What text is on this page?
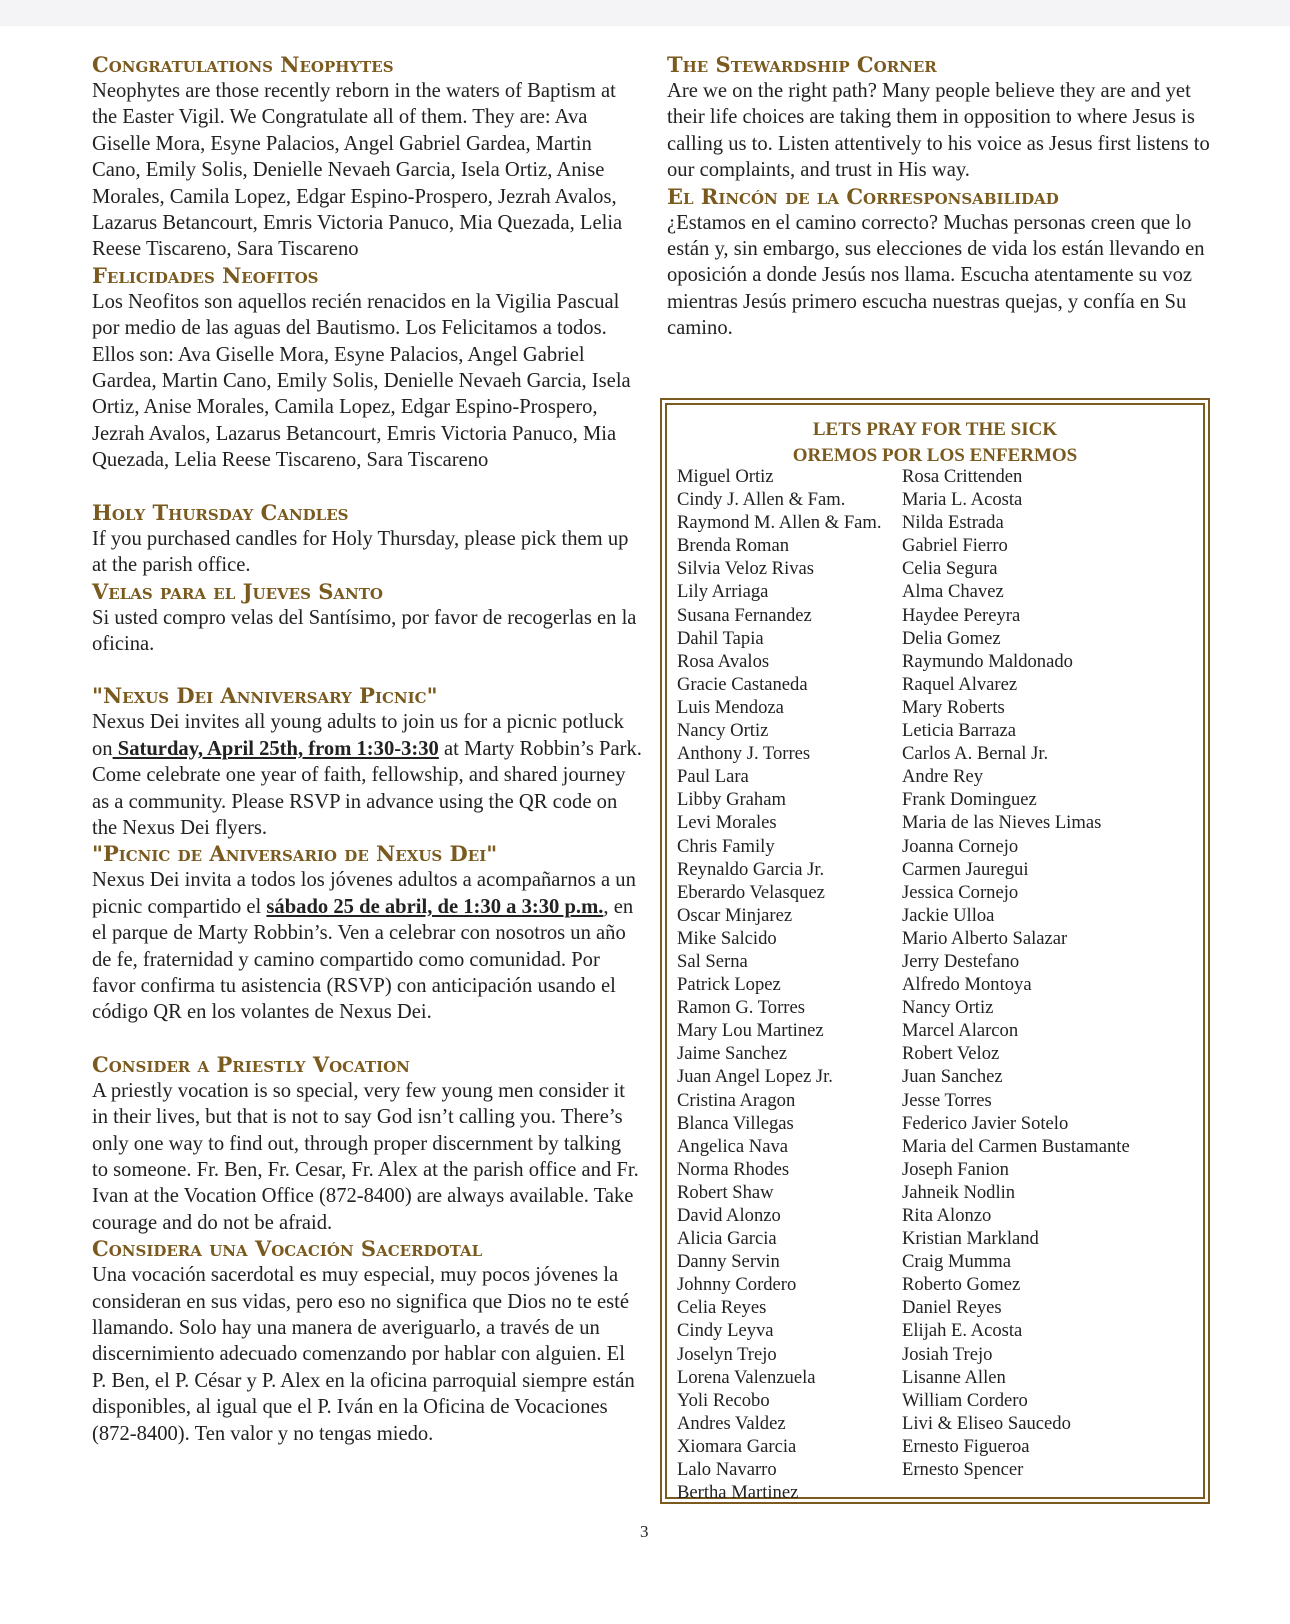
Congratulations Neophytes

Neophytes are those recently reborn in the waters of Baptism at the Easter Vigil. We Congratulate all of them. They are: Ava Giselle Mora, Esyne Palacios, Angel Gabriel Gardea, Martin Cano, Emily Solis, Denielle Nevaeh Garcia, Isela Ortiz, Anise Morales, Camila Lopez, Edgar Espino-Prospero, Jezrah Avalos, Lazarus Betancourt, Emris Victoria Panuco, Mia Quezada, Lelia Reese Tiscareno, Sara Tiscareno

Felicidades Neofitos

Los Neofitos son aquellos recién renacidos en la Vigilia Pascual por medio de las aguas del Bautismo. Los Felicitamos a todos. Ellos son: Ava Giselle Mora, Esyne Palacios, Angel Gabriel Gardea, Martin Cano, Emily Solis, Denielle Nevaeh Garcia, Isela Ortiz, Anise Morales, Camila Lopez, Edgar Espino-Prospero, Jezrah Avalos, Lazarus Betancourt, Emris Victoria Panuco, Mia Quezada, Lelia Reese Tiscareno, Sara Tiscareno

Holy Thursday Candles

If you purchased candles for Holy Thursday, please pick them up at the parish office.

Velas para el Jueves Santo

Si usted compro velas del Santísimo, por favor de recogerlas en la oficina.

"Nexus Dei Anniversary Picnic"

Nexus Dei invites all young adults to join us for a picnic potluck on Saturday, April 25th, from 1:30-3:30 at Marty Robbin’s Park. Come celebrate one year of faith, fellowship, and shared journey as a community. Please RSVP in advance using the QR code on the Nexus Dei flyers.

"Picnic de Aniversario de Nexus Dei"

Nexus Dei invita a todos los jóvenes adultos a acompañarnos a un picnic compartido el sábado 25 de abril, de 1:30 a 3:30 p.m., en el parque de Marty Robbin’s. Ven a celebrar con nosotros un año de fe, fraternidad y camino compartido como comunidad. Por favor confirma tu asistencia (RSVP) con anticipación usando el código QR en los volantes de Nexus Dei.

Consider a Priestly Vocation

A priestly vocation is so special, very few young men consider it in their lives, but that is not to say God isn’t calling you. There’s only one way to find out, through proper discernment by talking to someone. Fr. Ben, Fr. Cesar, Fr. Alex at the parish office and Fr. Ivan at the Vocation Office (872-8400) are always available. Take courage and do not be afraid.

Considera una Vocación Sacerdotal

Una vocación sacerdotal es muy especial, muy pocos jóvenes la consideran en sus vidas, pero eso no significa que Dios no te esté llamando. Solo hay una manera de averiguarlo, a través de un discernimiento adecuado comenzando por hablar con alguien. El P. Ben, el P. César y P. Alex en la oficina parroquial siempre están disponibles, al igual que el P. Iván en la Oficina de Vocaciones (872-8400). Ten valor y no tengas miedo.

The Stewardship Corner

Are we on the right path? Many people believe they are and yet their life choices are taking them in opposition to where Jesus is calling us to. Listen attentively to his voice as Jesus first listens to our complaints, and trust in His way.

El Rincón de la Corresponsabilidad

¿Estamos en el camino correcto? Muchas personas creen que lo están y, sin embargo, sus elecciones de vida los están llevando en oposición a donde Jesús nos llama. Escucha atentamente su voz mientras Jesús primero escucha nuestras quejas, y confía en Su camino.

LETS PRAY FOR THE SICK
OREMOS POR LOS ENFERMOS
Miguel Ortiz
Cindy J. Allen & Fam.
Raymond M. Allen & Fam.
Brenda Roman
Silvia Veloz Rivas
Lily Arriaga
Susana Fernandez
Dahil Tapia
Rosa Avalos
Gracie Castaneda
Luis Mendoza
Nancy Ortiz
Anthony J. Torres
Paul Lara
Libby Graham
Levi Morales
Chris Family
Reynaldo Garcia Jr.
Eberardo Velasquez
Oscar Minjarez
Mike Salcido
Sal Serna
Patrick Lopez
Ramon G. Torres
Mary Lou Martinez
Jaime Sanchez
Juan Angel Lopez Jr.
Cristina Aragon
Blanca Villegas
Angelica Nava
Norma Rhodes
Robert Shaw
David Alonzo
Alicia Garcia
Danny Servin
Johnny Cordero
Celia Reyes
Cindy Leyva
Joselyn Trejo
Lorena Valenzuela
Yoli Recobo
Andres Valdez
Xiomara Garcia
Lalo Navarro
Bertha Martinez
Rosa Crittenden
Maria L. Acosta
Nilda Estrada
Gabriel Fierro
Celia Segura
Alma Chavez
Haydee Pereyra
Delia Gomez
Raymundo Maldonado
Raquel Alvarez
Mary Roberts
Leticia Barraza
Carlos A. Bernal Jr.
Andre Rey
Frank Dominguez
Maria de las Nieves Limas
Joanna Cornejo
Carmen Jauregui
Jessica Cornejo
Jackie Ulloa
Mario Alberto Salazar
Jerry Destefano
Alfredo Montoya
Nancy Ortiz
Marcel Alarcon
Robert Veloz
Juan Sanchez
Jesse Torres
Federico Javier Sotelo
Maria del Carmen Bustamante
Joseph Fanion
Jahneik Nodlin
Rita Alonzo
Kristian Markland
Craig Mumma
Roberto Gomez
Daniel Reyes
Elijah E. Acosta
Josiah Trejo
Lisanne Allen
William Cordero
Livi & Eliseo Saucedo
Ernesto Figueroa
Ernesto Spencer
3
